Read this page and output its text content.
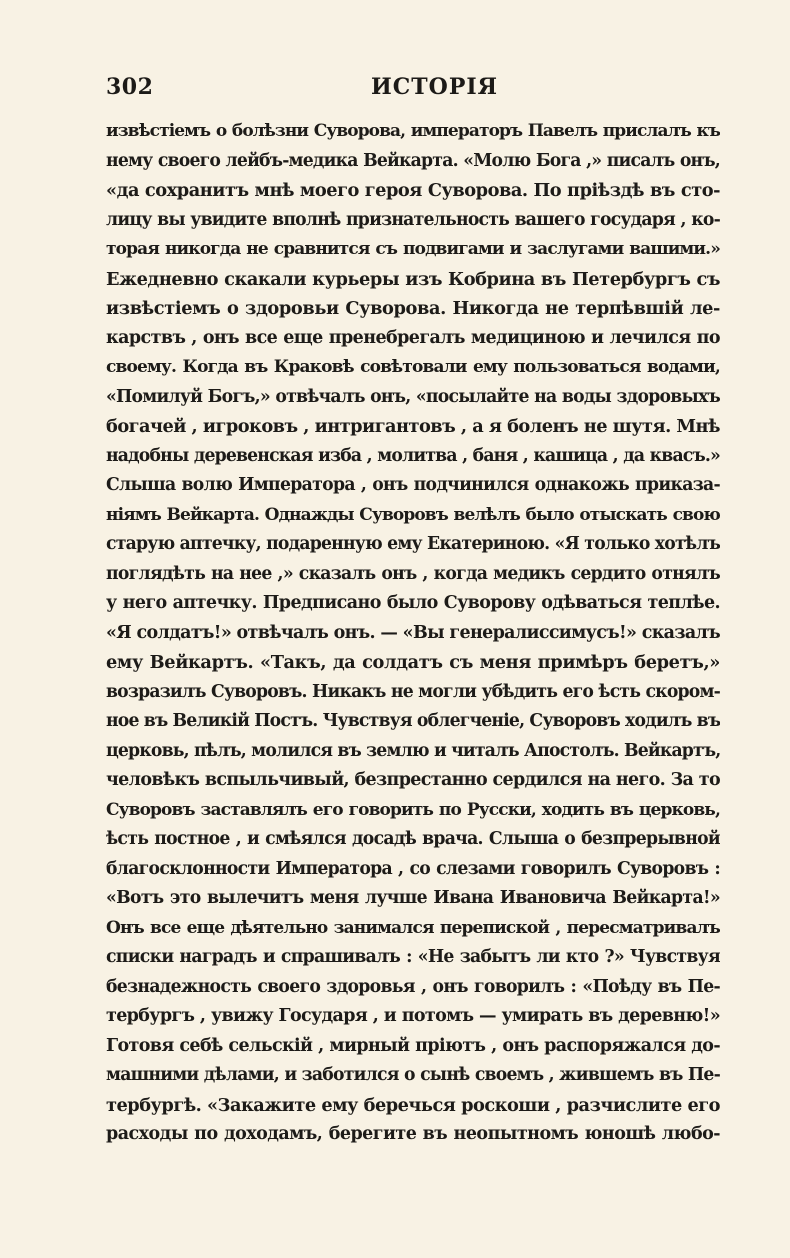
302	ИСТОРІЯ
извѣстіемъ о болѣзни Суворова, императоръ Павелъ прислалъ къ
нему своего лейбъ-медика Вейкарта. «Молю Бога ,» писалъ онъ,
«да сохранитъ мнѣ моего героя Суворова. По пріѣздѣ въ сто-
лицу вы увидите вполнѣ признательность вашего государя , ко-
торая никогда не сравнится съ подвигами и заслугами вашими.»
Ежедневно скакали курьеры изъ Кобрина въ Петербургъ съ
извѣстіемъ о здоровьи Суворова. Никогда не терпѣвшій ле-
карствъ , онъ все еще пренебрегалъ медициною и лечился по
своему. Когда въ Краковѣ совѣтовали ему пользоваться водами,
«Помилуй Богъ,» отвѣчалъ онъ, «посылайте на воды здоровыхъ
богачей , игроковъ , интригантовъ , а я боленъ не шутя. Мнѣ
надобны деревенская изба , молитва , баня , кашица , да квасъ.»
Слыша волю Императора , онъ подчинился однакожь приказа-
ніямъ Вейкарта. Однажды Суворовъ велѣлъ было отыскать свою
старую аптечку, подаренную ему Екатериною. «Я только хотѣлъ
поглядѣть на нее ,» сказалъ онъ , когда медикъ сердито отнялъ
у него аптечку. Предписано было Суворову одѣваться теплѣе.
«Я солдатъ!» отвѣчалъ онъ. — «Вы генералиссимусъ!» сказалъ
ему Вейкартъ. «Такъ, да солдатъ съ меня примѣръ беретъ,»
возразилъ Суворовъ. Никакъ не могли убѣдить его ѣсть скором-
ное въ Великій Постъ. Чувствуя облегченіе, Суворовъ ходилъ въ
церковь, пѣлъ, молился въ землю и читалъ Апостолъ. Вейкартъ,
человѣкъ вспыльчивый, безпрестанно сердился на него. За то
Суворовъ заставлялъ его говорить по Русски, ходить въ церковь,
ѣсть постное , и смѣялся досадѣ врача. Слыша о безпрерывной
благосклонности Императора , со слезами говорилъ Суворовъ :
«Вотъ это вылечитъ меня лучше Ивана Ивановича Вейкарта!»
Онъ все еще дѣятельно занимался перепиской , пересматривалъ
списки наградъ и спрашивалъ : «Не забытъ ли кто ?» Чувствуя
безнадежность своего здоровья , онъ говорилъ : «Поѣду въ Пе-
тербургъ , увижу Государя , и потомъ — умирать въ деревню!»
Готовя себѣ сельскій , мирный пріютъ , онъ распоряжался до-
машними дѣлами, и заботился о сынѣ своемъ , жившемъ въ Пе-
тербургѣ. «Закажите ему беречься роскоши , разчислите его
расходы по доходамъ, берегите въ неопытномъ юношѣ любо-
